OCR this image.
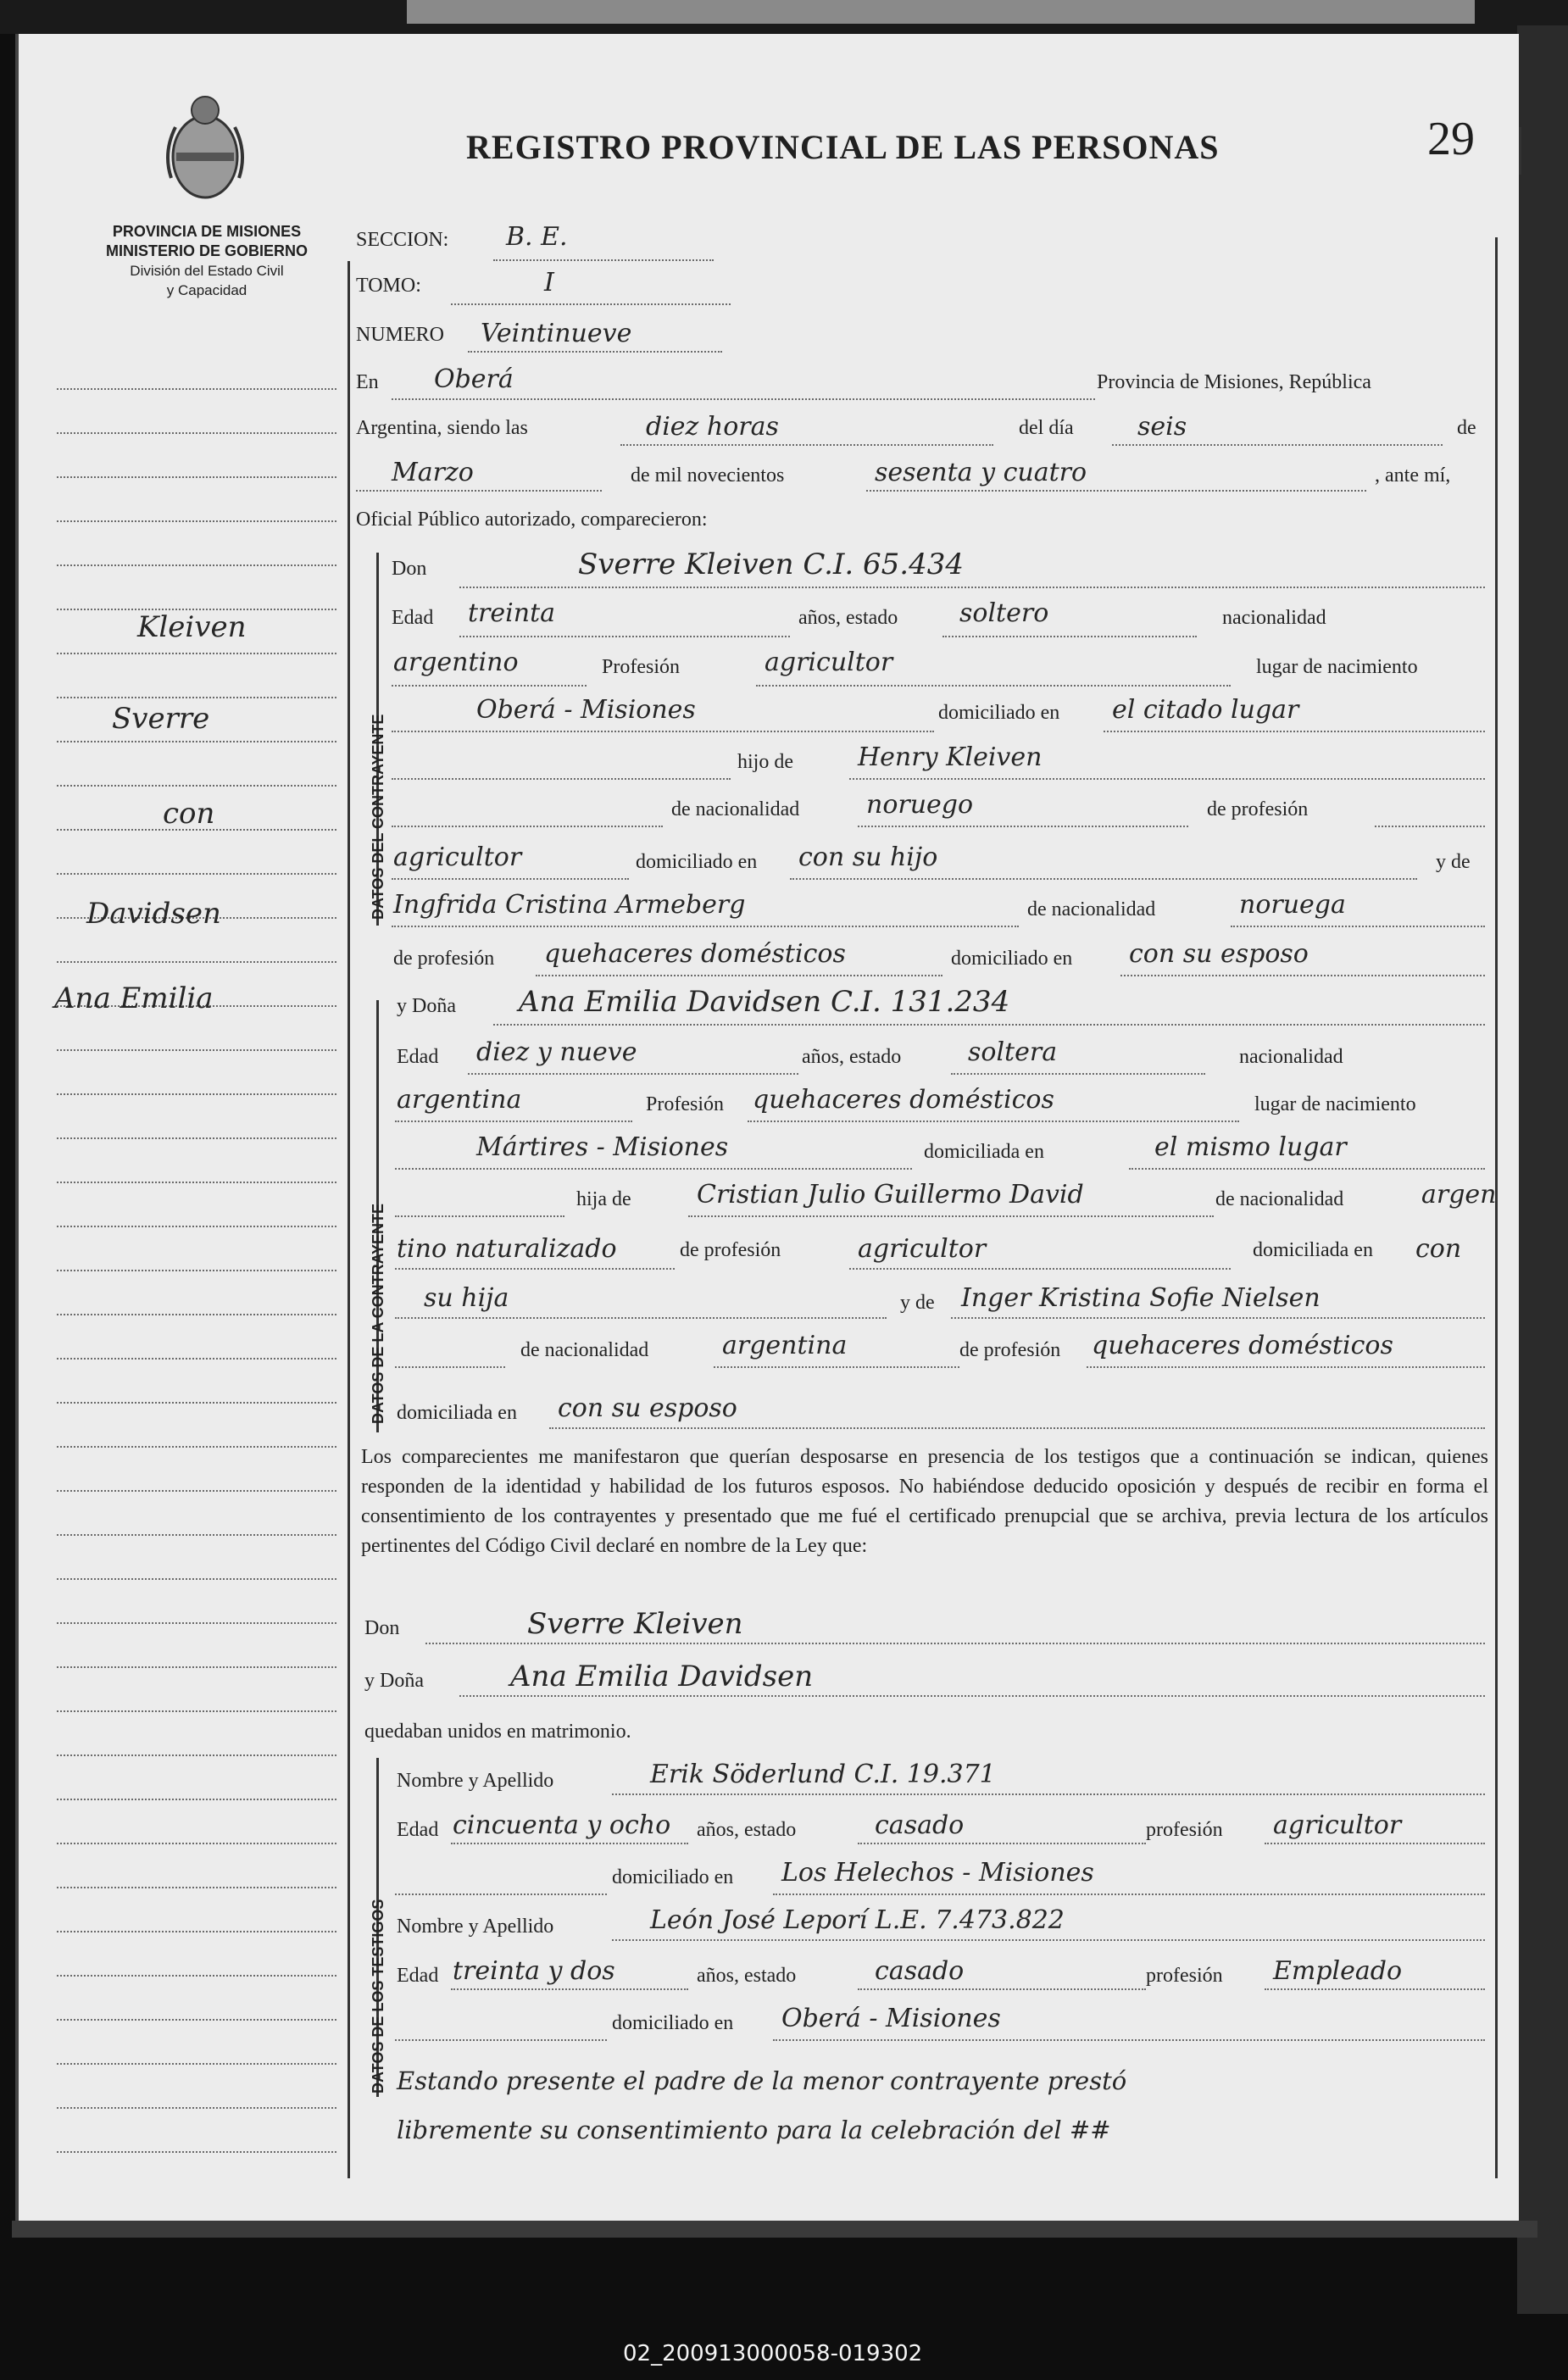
REGISTRO PROVINCIAL DE LAS PERSONAS	29
PROVINCIA DE MISIONES
MINISTERIO DE GOBIERNO
División del Estado Civil
y Capacidad
Kleiven
Sverre
con
Davidsen
Ana Emilia
SECCION: B. E.
TOMO:	I
NUMERO Veintinueve
En Oberá	Provincia de Misiones, República
Argentina, siendo las	diez horas	del día	seis	de
Marzo	de mil novecientos	sesenta y cuatro	, ante mí,
Oficial Público autorizado, comparecieron:
DATOS DEL CONTRAYENTE
Don	Sverre Kleiven C.I. 65.434
Edad treinta	años, estado soltero	nacionalidad
argentino	Profesión	agricultor	lugar de nacimiento
Oberá - Misiones	domiciliado en el citado lugar
hijo de	Henry Kleiven
de nacionalidad	noruego	de profesión
agricultor	domiciliado en con su hijo	y de
Ingfrida Cristina Armeberg	de nacionalidad	noruega
de profesión quehaceres domésticos	domiciliado en con su esposo
DATOS DE LA CONTRAYENTE
y Doña Ana Emilia Davidsen C.I. 131.234
Edad diez y nueve	años, estado	soltera	nacionalidad
argentina	Profesión quehaceres domésticos	lugar de nacimiento
Mártires - Misiones	domiciliada en	el mismo lugar
hija de	Cristian Julio Guillermo David	de nacionalidad	argen
tino naturalizado	de profesión	agricultor	domiciliada en con
su hija	y de Inger Kristina Sofie Nielsen
de nacionalidad	argentina	de profesión quehaceres domésticos
domiciliada en con su esposo
Los comparecientes me manifestaron que querían desposarse en presencia de los testigos que a continuación se indican, quienes responden de la identidad y habilidad de los futuros esposos. No habiéndose deducido oposición y después de recibir en forma el consentimiento de los contrayentes y presentado que me fué el certificado prenupcial que se archiva, previa lectura de los artículos pertinentes del Código Civil declaré en nombre de la Ley que:
Don	Sverre Kleiven
y Doña	Ana Emilia Davidsen
quedaban unidos en matrimonio.
DATOS DE LOS TESTIGOS
Nombre y Apellido	Erik Söderlund C.I. 19.371
Edad cincuenta y ocho años, estado	casado	profesión agricultor
domiciliado en Los Helechos - Misiones
Nombre y Apellido	León José Leporí L.E. 7.473.822
Edad treinta y dos	años, estado	casado	profesión Empleado
domiciliado en Oberá - Misiones
Estando presente el padre de la menor contrayente prestó
libremente su consentimiento para la celebración del ##
02_200913000058-019302
